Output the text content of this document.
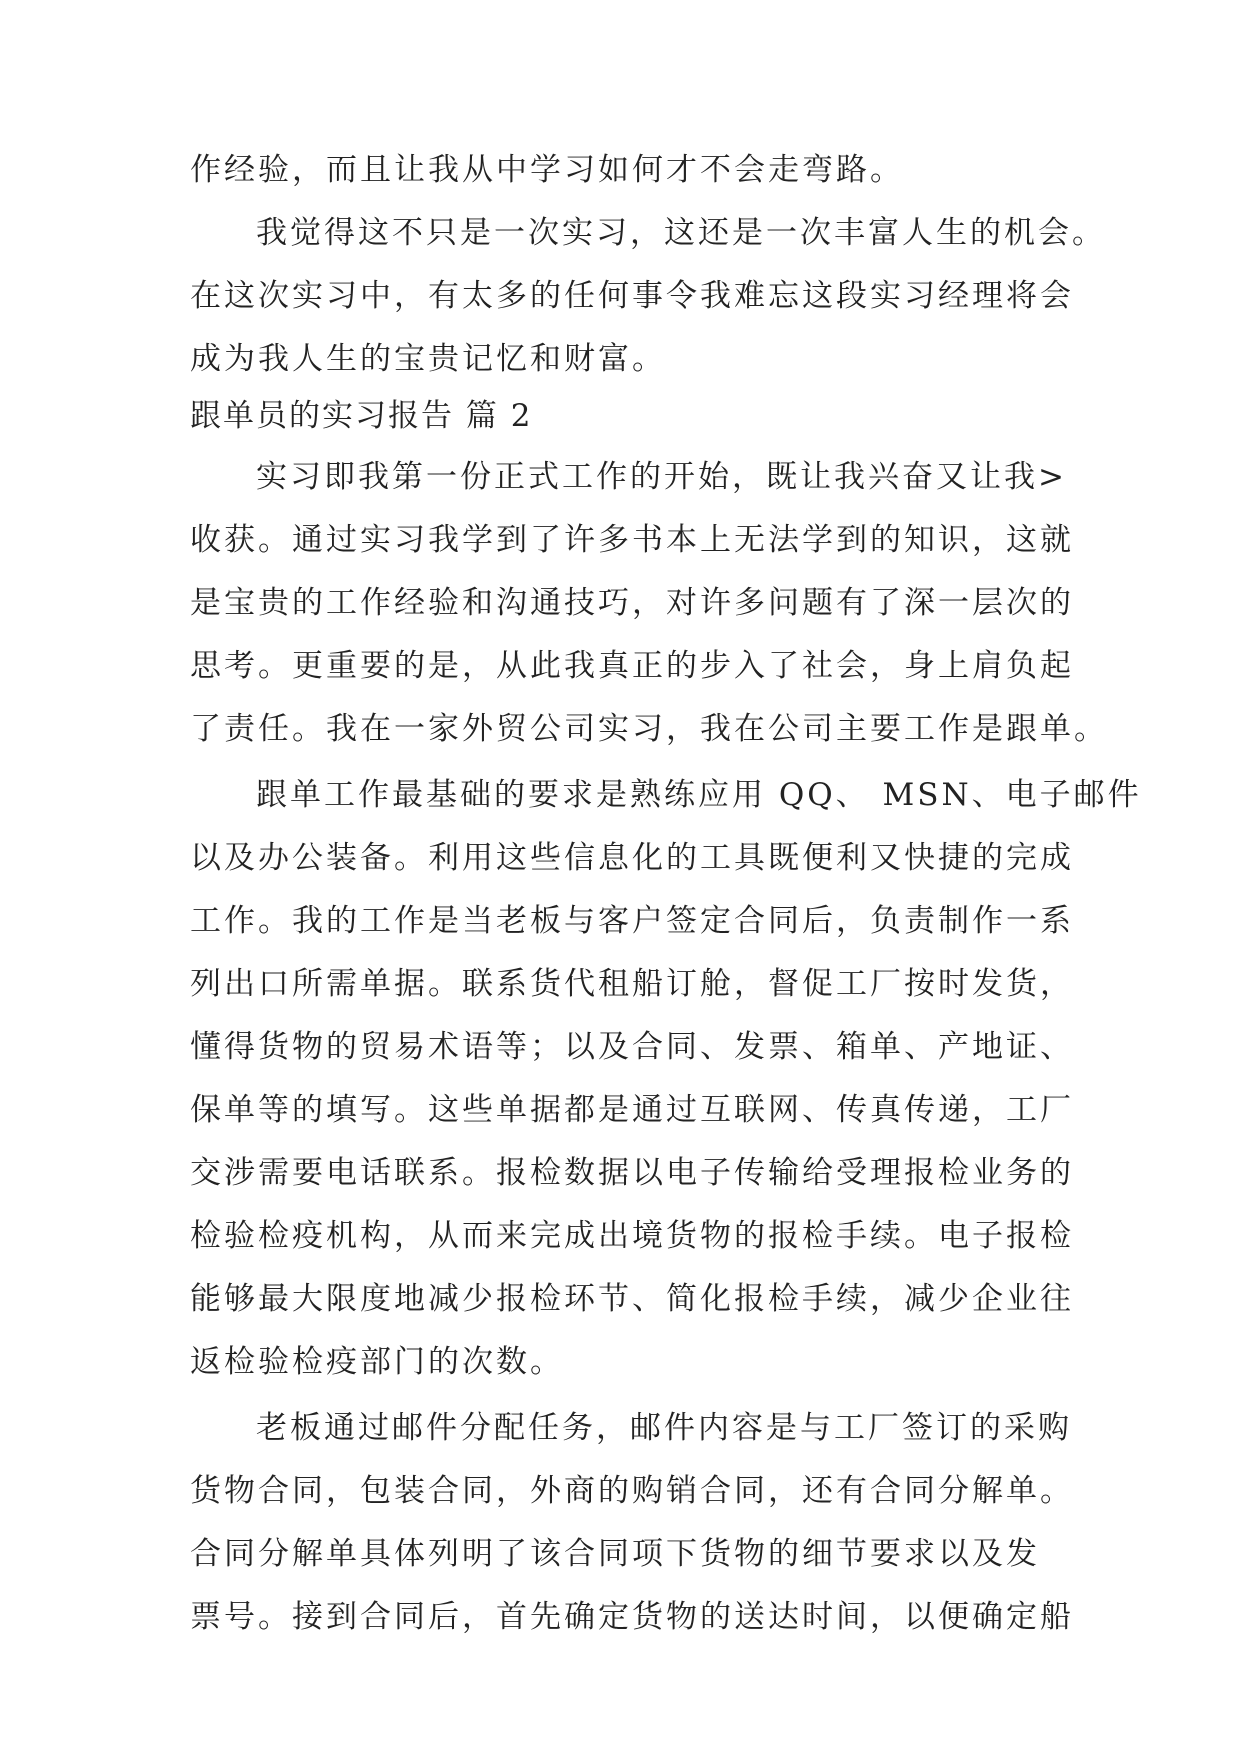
作经验，而且让我从中学习如何才不会走弯路。
我觉得这不只是一次实习，这还是一次丰富人生的机会。
在这次实习中，有太多的任何事令我难忘这段实习经理将会
成为我人生的宝贵记忆和财富。
跟单员的实习报告 篇 2
实习即我第一份正式工作的开始，既让我兴奋又让我>
收获。通过实习我学到了许多书本上无法学到的知识，这就
是宝贵的工作经验和沟通技巧，对许多问题有了深一层次的
思考。更重要的是，从此我真正的步入了社会，身上肩负起
了责任。我在一家外贸公司实习，我在公司主要工作是跟单。
跟单工作最基础的要求是熟练应用 QQ、 MSN、电子邮件
以及办公装备。利用这些信息化的工具既便利又快捷的完成
工作。我的工作是当老板与客户签定合同后，负责制作一系
列出口所需单据。联系货代租船订舱，督促工厂按时发货，
懂得货物的贸易术语等；以及合同、发票、箱单、产地证、
保单等的填写。这些单据都是通过互联网、传真传递，工厂
交涉需要电话联系。报检数据以电子传输给受理报检业务的
检验检疫机构，从而来完成出境货物的报检手续。电子报检
能够最大限度地减少报检环节、简化报检手续，减少企业往
返检验检疫部门的次数。
老板通过邮件分配任务，邮件内容是与工厂签订的采购
货物合同，包装合同，外商的购销合同，还有合同分解单。
合同分解单具体列明了该合同项下货物的细节要求以及发
票号。接到合同后，首先确定货物的送达时间，以便确定船
